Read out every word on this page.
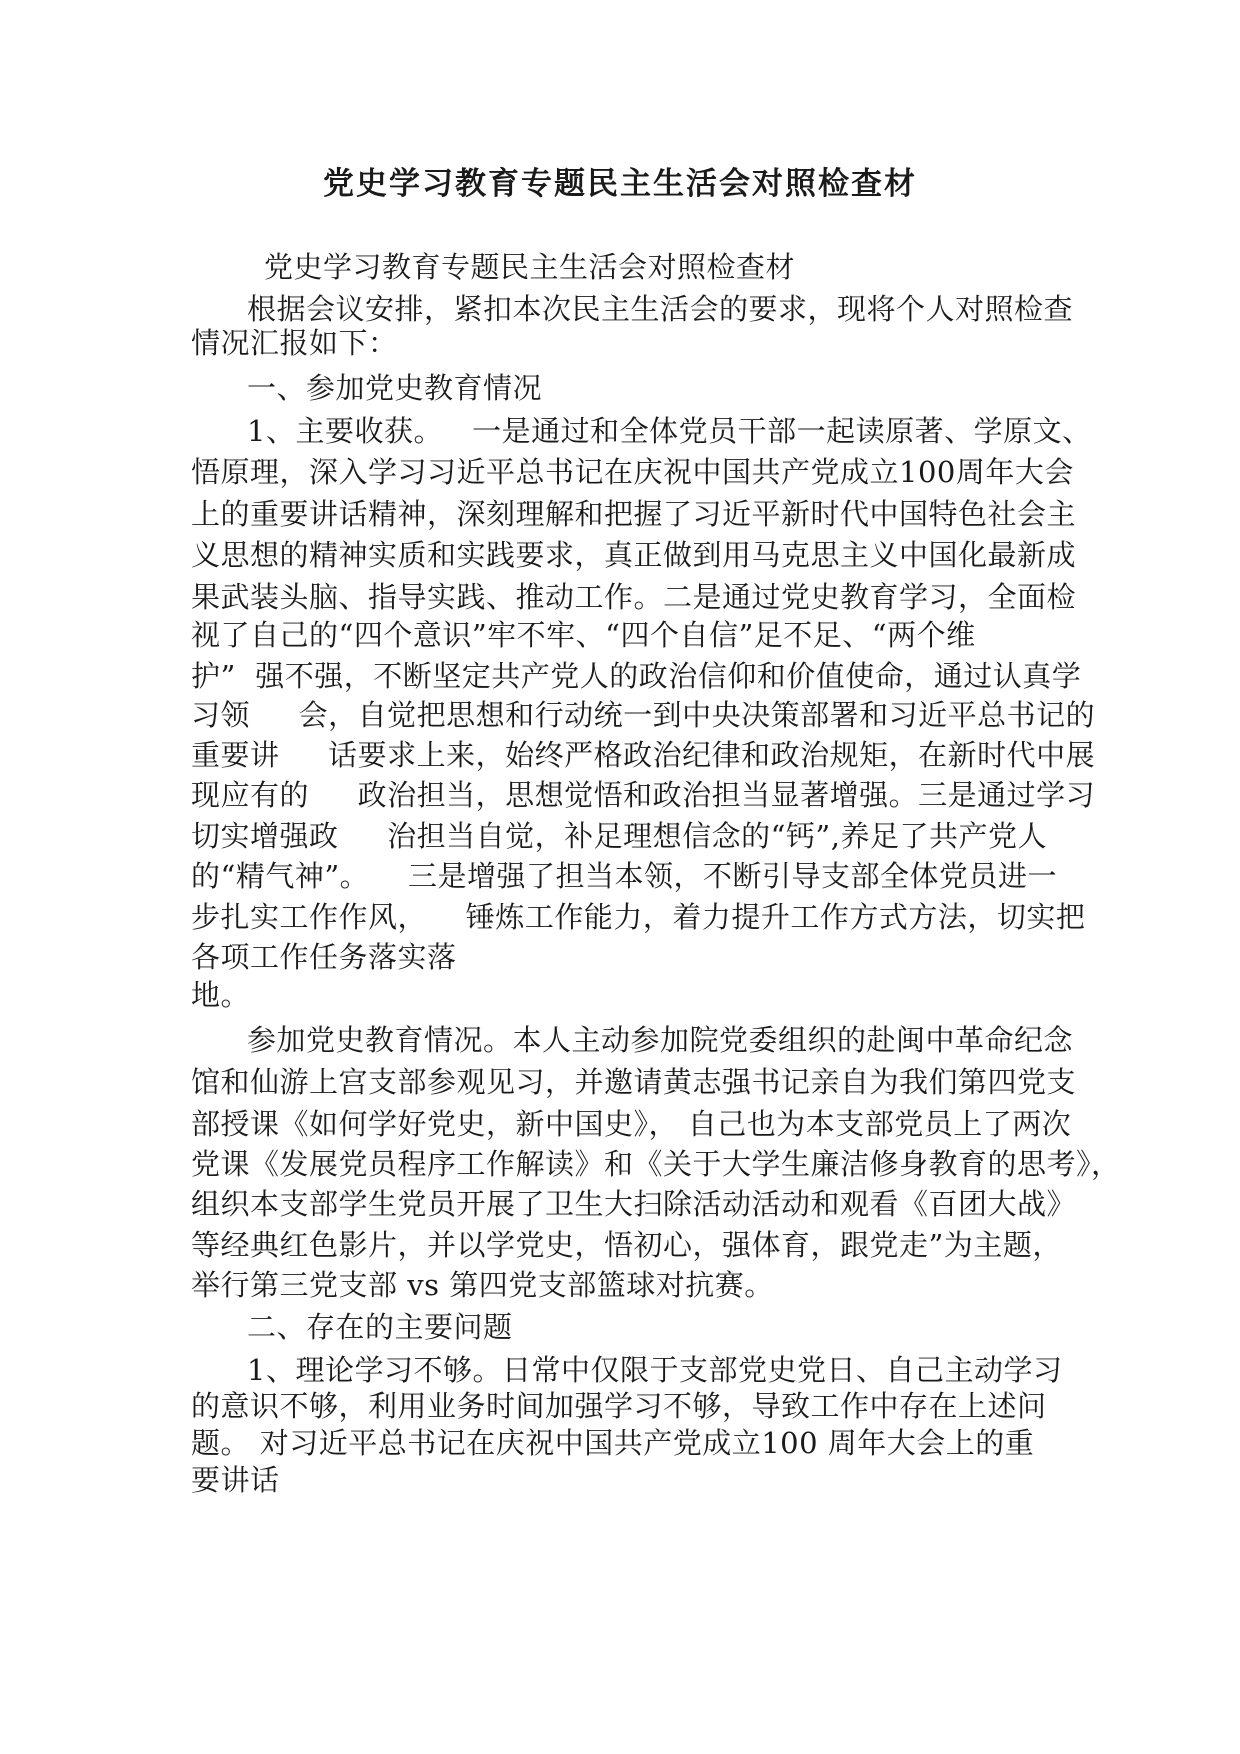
党史学习教育专题民主生活会对照检查材
党史学习教育专题民主生活会对照检查材
根据会议安排，紧扣本次民主生活会的要求，现将个人对照检查
情况汇报如下：
一、参加党史教育情况
1、主要收获。   一是通过和全体党员干部一起读原著、学原文、
悟原理，深入学习习近平总书记在庆祝中国共产党成立100周年大会
上的重要讲话精神，深刻理解和把握了习近平新时代中国特色社会主
义思想的精神实质和实践要求，真正做到用马克思主义中国化最新成
果武装头脑、指导实践、推动工作。二是通过党史教育学习，全面检
视了自己的“四个意识”牢不牢、“四个自信”足不足、“两个维
护”  强不强，不断坚定共产党人的政治信仰和价值使命，通过认真学
习领     会，自觉把思想和行动统一到中央决策部署和习近平总书记的
重要讲     话要求上来，始终严格政治纪律和政治规矩，在新时代中展
现应有的     政治担当，思想觉悟和政治担当显著增强。三是通过学习
切实增强政     治担当自觉，补足理想信念的“钙”,养足了共产党人
的“精气神”。    三是增强了担当本领，不断引导支部全体党员进一
步扎实工作作风，    锤炼工作能力，着力提升工作方式方法，切实把
各项工作任务落实落
地。
参加党史教育情况。本人主动参加院党委组织的赴闽中革命纪念
馆和仙游上宫支部参观见习，并邀请黄志强书记亲自为我们第四党支
部授课《如何学好党史，新中国史》， 自己也为本支部党员上了两次
党课《发展党员程序工作解读》和《关于大学生廉洁修身教育的思考》，
组织本支部学生党员开展了卫生大扫除活动活动和观看《百团大战》
等经典红色影片，并以学党史，悟初心，强体育，跟党走”为主题，
举行第三党支部 vs 第四党支部篮球对抗赛。
二、存在的主要问题
1、理论学习不够。日常中仅限于支部党史党日、自己主动学习
的意识不够，利用业务时间加强学习不够，导致工作中存在上述问
题。 对习近平总书记在庆祝中国共产党成立100 周年大会上的重
要讲话
